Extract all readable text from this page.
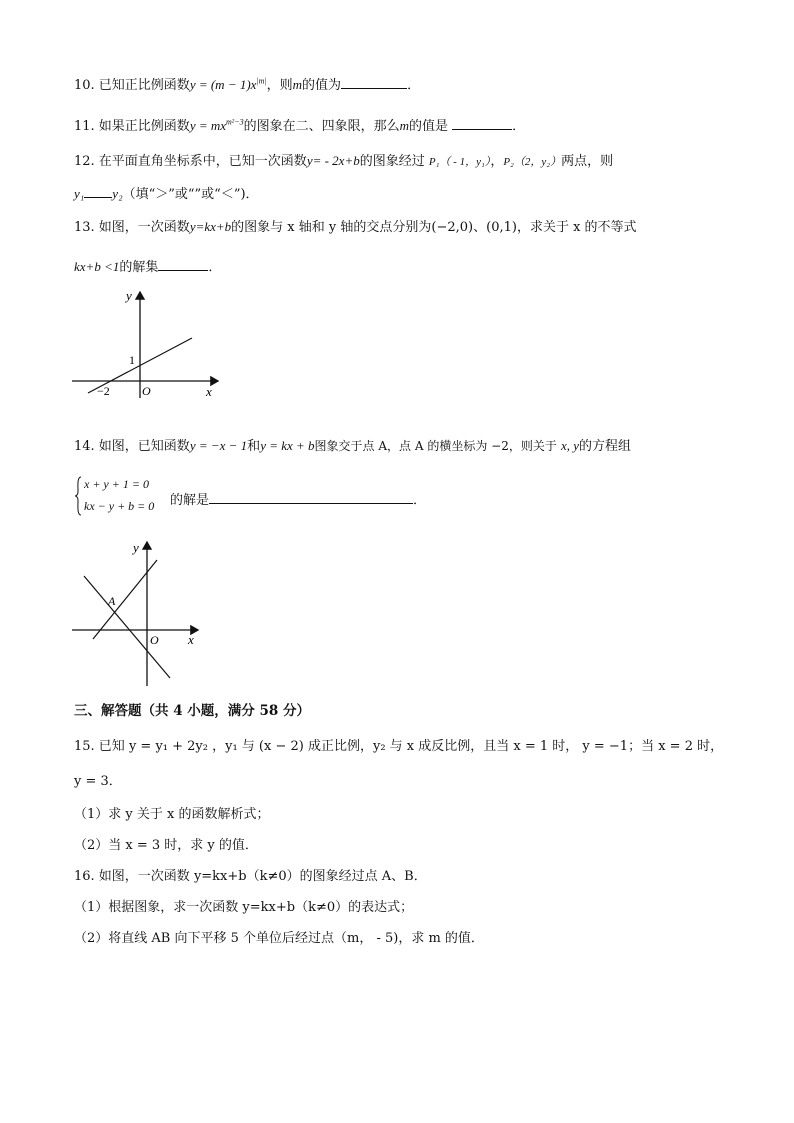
10. 已知正比例函数$y = (m - 1)x^{|m|}$，则m的值为	．
11. 如果正比例函数$y = mx^{m^2-3}$的图象在二、四象限，那么m的值是	．
12. 在平面直角坐标系中，已知一次函数y= - 2x+b的图象经过 P₁（ - 1，y₁），P₂（2，y₂）两点，则
y₁ y₂（填“＞”或“”或“＜”)．
13. 如图，一次函数y=kx+b的图象与 x 轴和 y 轴的交点分别为(−2,0)、(0,1)，求关于 x 的不等式
kx+b <1的解集	．
x
y
O
−2
1
14. 如图，已知函数y = −x − 1和y = kx + b图象交于点 A，点 A 的横坐标为 −2，则关于 x, y的方程组
x + y + 1 = 0
kx − y + b = 0 的解是	．
x
y
O
A
三、解答题（共 4 小题，满分 58 分）
15. 已知 y = y₁ + 2y₂ ，y₁ 与 (x − 2) 成正比例，y₂ 与 x 成反比例，且当 x = 1 时， y = −1；当 x = 2 时，
y = 3．
（1）求 y 关于 x 的函数解析式；
（2）当 x = 3 时，求 y 的值．
16. 如图，一次函数 y=kx+b（k≠0）的图象经过点 A、B．
（1）根据图象，求一次函数 y=kx+b（k≠0）的表达式；
（2）将直线 AB 向下平移 5 个单位后经过点（m， - 5)，求 m 的值．
